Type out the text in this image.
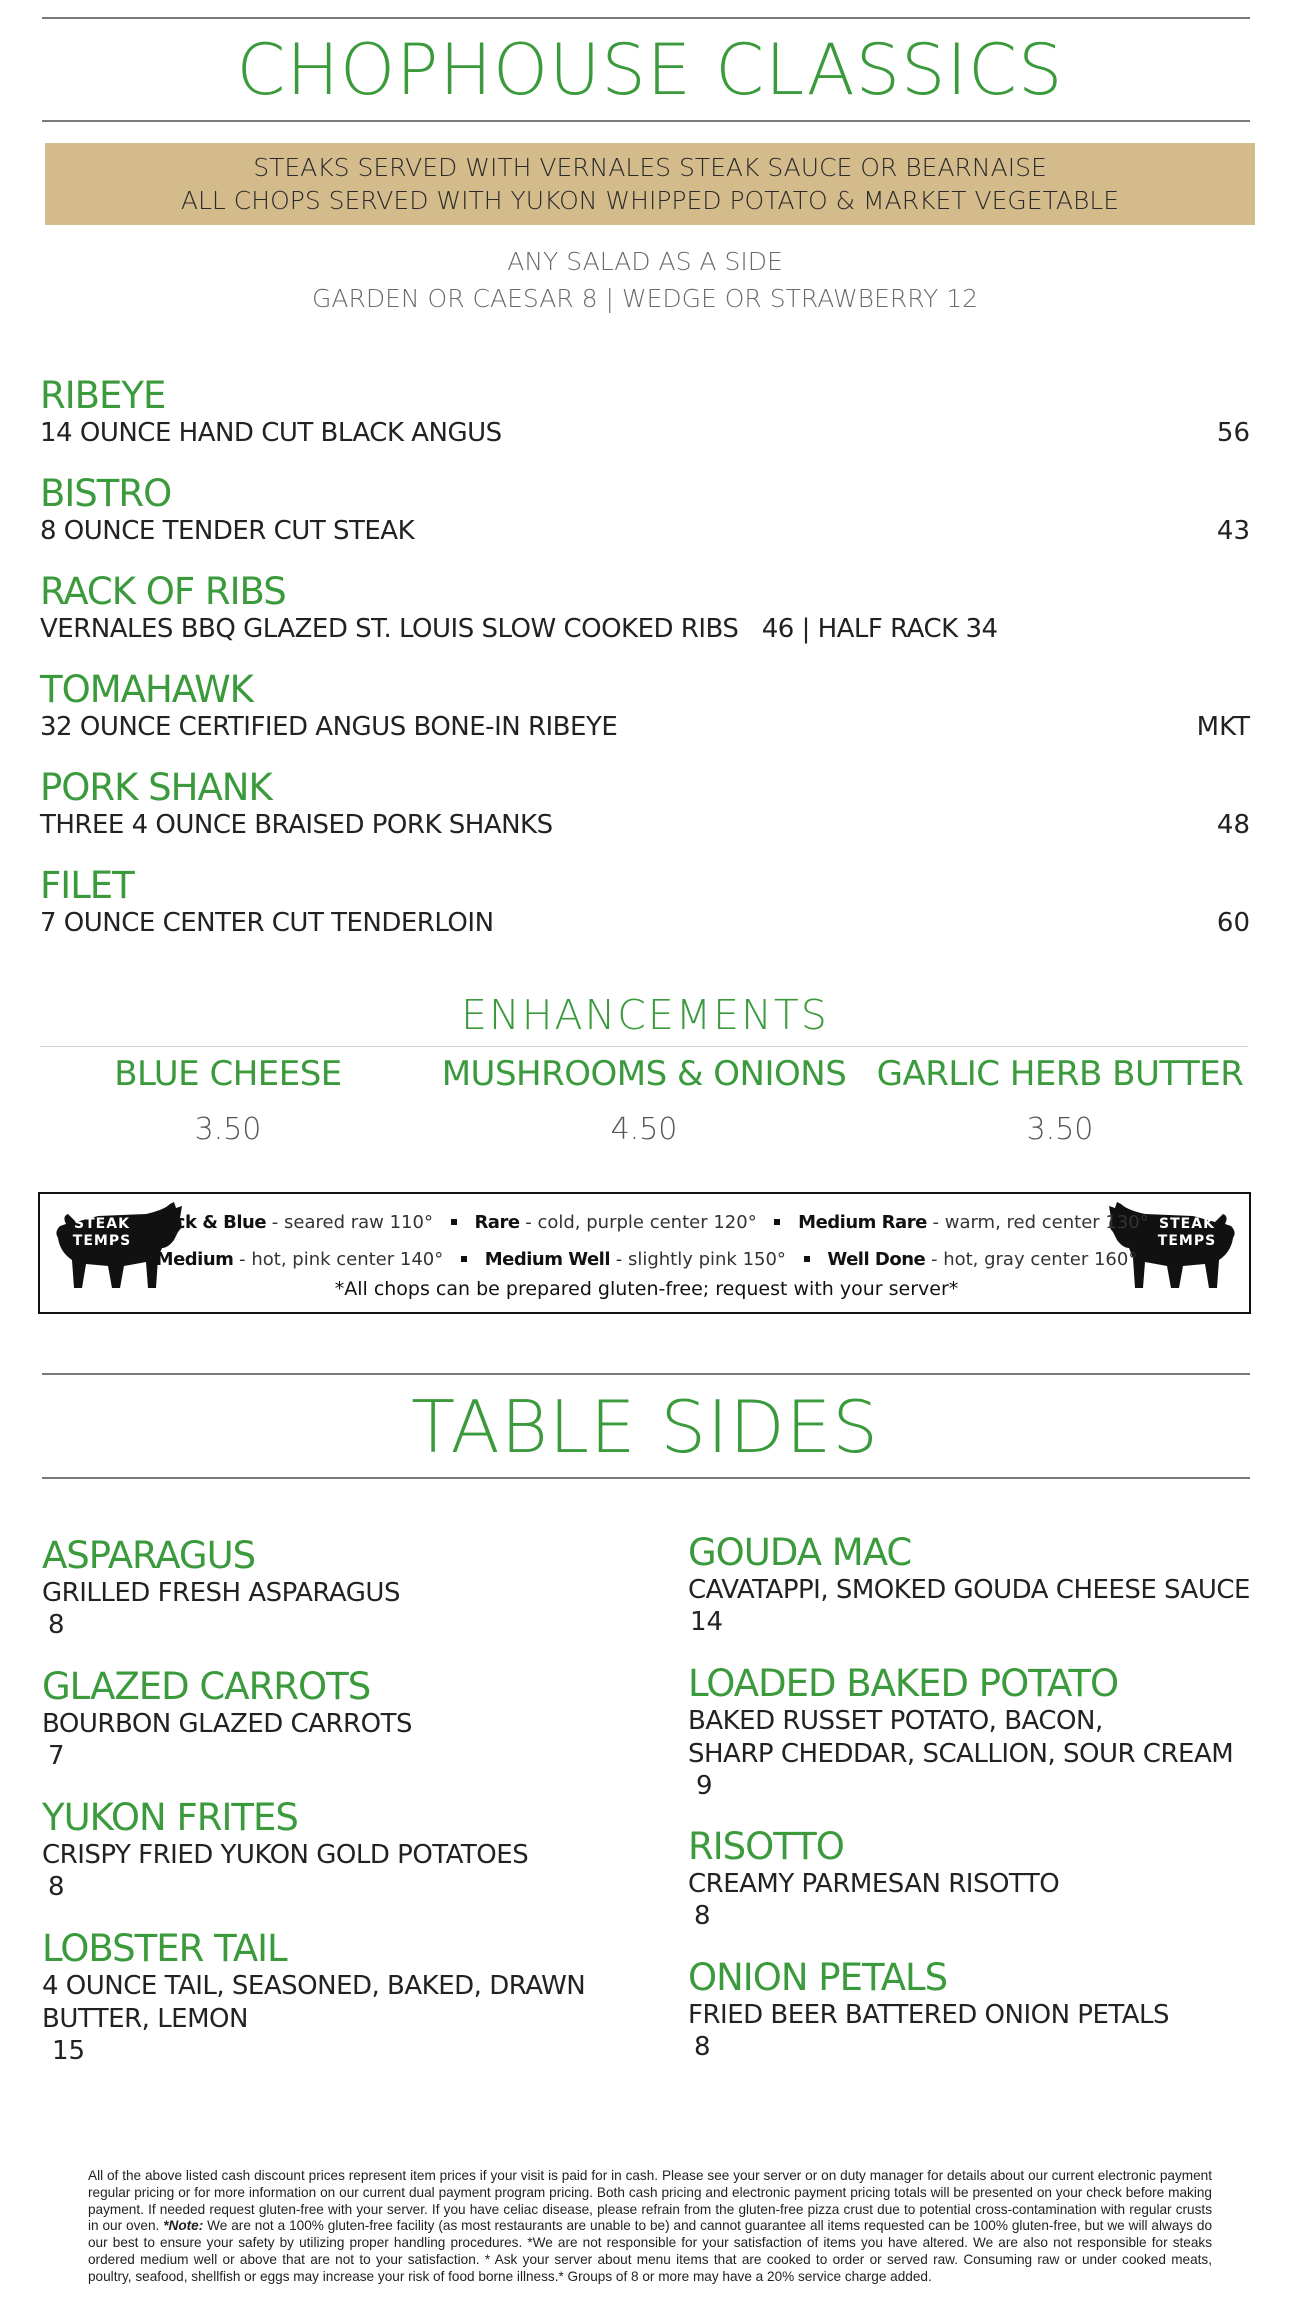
CHOPHOUSE CLASSICS
STEAKS SERVED WITH VERNALES STEAK SAUCE OR BEARNAISE
ALL CHOPS SERVED WITH YUKON WHIPPED POTATO & MARKET VEGETABLE
ANY SALAD AS A SIDE
GARDEN OR CAESAR 8 | WEDGE OR STRAWBERRY 12
RIBEYE
14 OUNCE HAND CUT BLACK ANGUS	56
BISTRO
8 OUNCE TENDER CUT STEAK	43
RACK OF RIBS
VERNALES BBQ GLAZED ST. LOUIS SLOW COOKED RIBS   46 | HALF RACK 34
TOMAHAWK
32 OUNCE CERTIFIED ANGUS BONE-IN RIBEYE	MKT
PORK SHANK
THREE 4 OUNCE BRAISED PORK SHANKS	48
FILET
7 OUNCE CENTER CUT TENDERLOIN	60
ENHANCEMENTS
BLUE CHEESE
3.50
MUSHROOMS & ONIONS
4.50
GARLIC HERB BUTTER
3.50
STEAK
TEMPS
STEAK
TEMPS
Black & Blue - seared raw 110° Rare - cold, purple center 120° Medium Rare - warm, red center 130°
Medium - hot, pink center 140° Medium Well - slightly pink 150° Well Done - hot, gray center 160°
*All chops can be prepared gluten-free; request with your server*
TABLE SIDES
ASPARAGUS
GRILLED FRESH ASPARAGUS
8
GLAZED CARROTS
BOURBON GLAZED CARROTS
7
YUKON FRITES
CRISPY FRIED YUKON GOLD POTATOES
8
LOBSTER TAIL
4 OUNCE TAIL, SEASONED, BAKED, DRAWN
BUTTER, LEMON
15
GOUDA MAC
CAVATAPPI, SMOKED GOUDA CHEESE SAUCE
14
LOADED BAKED POTATO
BAKED RUSSET POTATO, BACON,
SHARP CHEDDAR, SCALLION, SOUR CREAM
9
RISOTTO
CREAMY PARMESAN RISOTTO
8
ONION PETALS
FRIED BEER BATTERED ONION PETALS
8
All of the above listed cash discount prices represent item prices if your visit is paid for in cash. Please see your server or on duty manager for details about our current electronic payment regular pricing or for more information on our current dual payment program pricing. Both cash pricing and electronic payment pricing totals will be presented on your check before making payment. If needed request gluten-free with your server. If you have celiac disease, please refrain from the gluten-free pizza crust due to potential cross-contamination with regular crusts in our oven. *Note: We are not a 100% gluten-free facility (as most restaurants are unable to be) and cannot guarantee all items requested can be 100% gluten-free, but we will always do our best to ensure your safety by utilizing proper handling procedures. *We are not responsible for your satisfaction of items you have altered. We are also not responsible for steaks ordered medium well or above that are not to your satisfaction. * Ask your server about menu items that are cooked to order or served raw. Consuming raw or under cooked meats, poultry, seafood, shellfish or eggs may increase your risk of food borne illness.* Groups of 8 or more may have a 20% service charge added.
